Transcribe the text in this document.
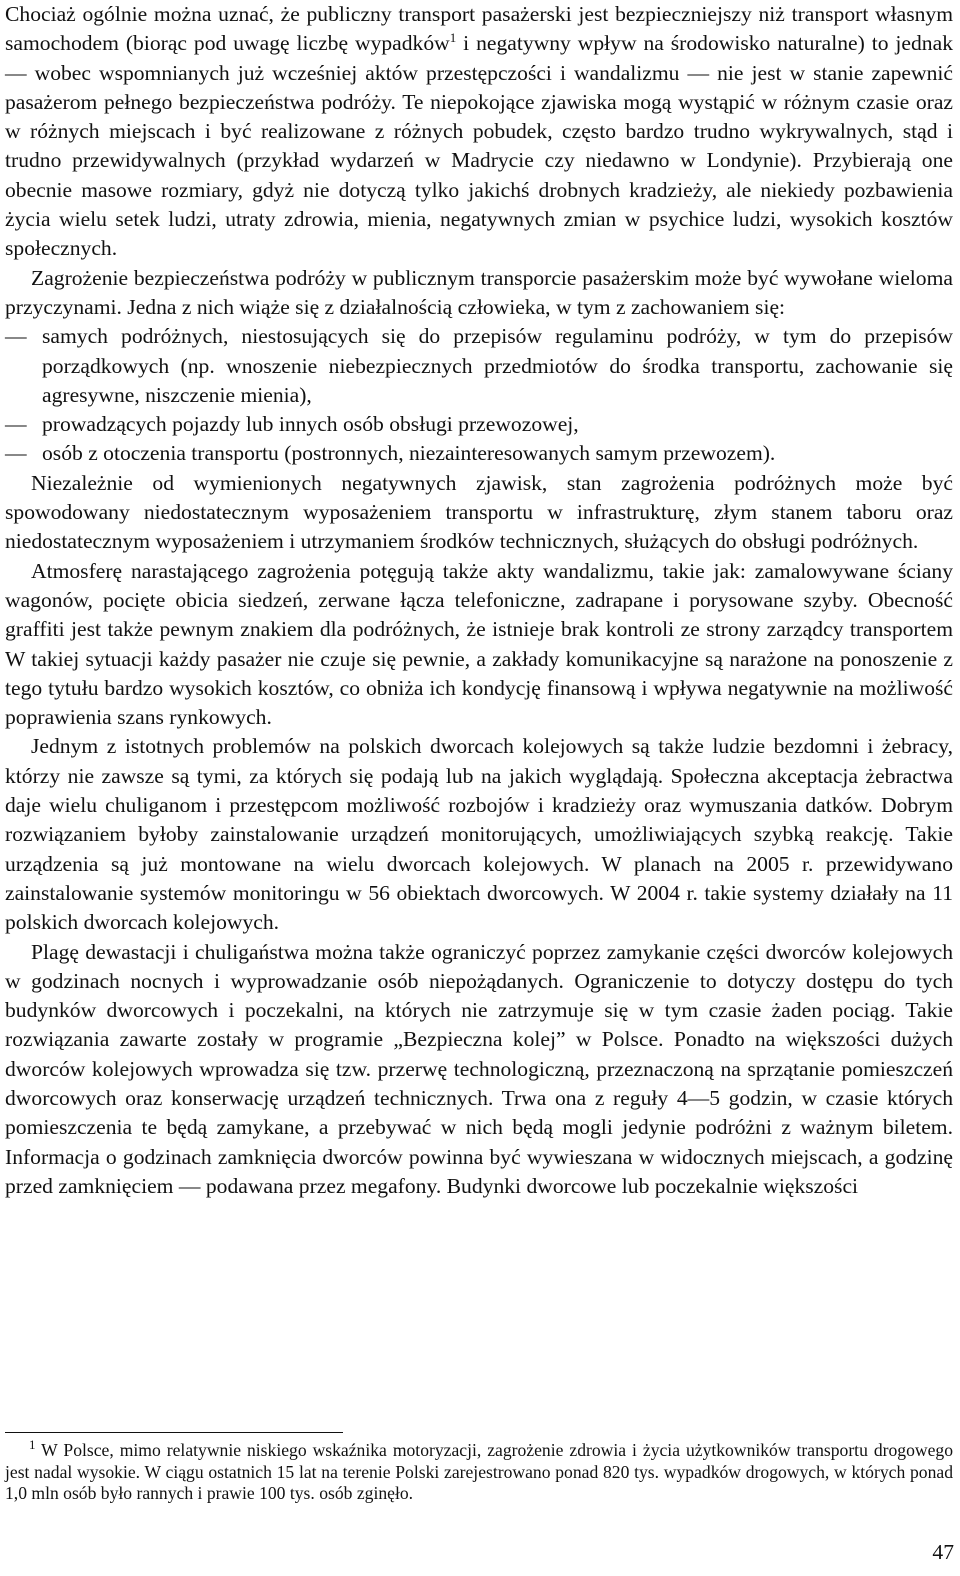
Chociaż ogólnie można uznać, że publiczny transport pasażerski jest bezpieczniejszy niż transport własnym samochodem (biorąc pod uwagę liczbę wypadków$^1$ i negatywny wpływ na środowisko naturalne) to jednak — wobec wspomnianych już wcześniej aktów przestępczości i wandalizmu — nie jest w stanie zapewnić pasażerom pełnego bezpieczeństwa podróży. Te niepokojące zjawiska mogą wystąpić w różnym czasie oraz w różnych miejscach i być realizowane z różnych pobudek, często bardzo trudno wykrywalnych, stąd i trudno przewidywalnych (przykład wydarzeń w Madrycie czy niedawno w Londynie). Przybierają one obecnie masowe rozmiary, gdyż nie dotyczą tylko jakichś drobnych kradzieży, ale niekiedy pozbawienia życia wielu setek ludzi, utraty zdrowia, mienia, negatywnych zmian w psychice ludzi, wysokich kosztów społecznych.

Zagrożenie bezpieczeństwa podróży w publicznym transporcie pasażerskim może być wywołane wieloma przyczynami. Jedna z nich wiąże się z działalnością człowieka, w tym z zachowaniem się:

— samych podróżnych, niestosujących się do przepisów regulaminu podróży, w tym do przepisów porządkowych (np. wnoszenie niebezpiecznych przedmiotów do środka transportu, zachowanie się agresywne, niszczenie mienia),
— prowadzących pojazdy lub innych osób obsługi przewozowej,
— osób z otoczenia transportu (postronnych, niezainteresowanych samym przewozem).

Niezależnie od wymienionych negatywnych zjawisk, stan zagrożenia podróżnych może być spowodowany niedostatecznym wyposażeniem transportu w infrastrukturę, złym stanem taboru oraz niedostatecznym wyposażeniem i utrzymaniem środków technicznych, służących do obsługi podróżnych.

Atmosferę narastającego zagrożenia potęgują także akty wandalizmu, takie jak: zamalowywane ściany wagonów, pocięte obicia siedzeń, zerwane łącza telefoniczne, zadrapane i porysowane szyby. Obecność graffiti jest także pewnym znakiem dla podróżnych, że istnieje brak kontroli ze strony zarządcy transportem W takiej sytuacji każdy pasażer nie czuje się pewnie, a zakłady komunikacyjne są narażone na ponoszenie z tego tytułu bardzo wysokich kosztów, co obniża ich kondycję finansową i wpływa negatywnie na możliwość poprawienia szans rynkowych.

Jednym z istotnych problemów na polskich dworcach kolejowych są także ludzie bezdomni i żebracy, którzy nie zawsze są tymi, za których się podają lub na jakich wyglądają. Społeczna akceptacja żebractwa daje wielu chuliganom i przestępcom możliwość rozbojów i kradzieży oraz wymuszania datków. Dobrym rozwiązaniem byłoby zainstalowanie urządzeń monitorujących, umożliwiających szybką reakcję. Takie urządzenia są już montowane na wielu dworcach kolejowych. W planach na 2005 r. przewidywano zainstalowanie systemów monitoringu w 56 obiektach dworcowych. W 2004 r. takie systemy działały na 11 polskich dworcach kolejowych.

Plagę dewastacji i chuligaństwa można także ograniczyć poprzez zamykanie części dworców kolejowych w godzinach nocnych i wyprowadzanie osób niepożądanych. Ograniczenie to dotyczy dostępu do tych budynków dworcowych i poczekalni, na których nie zatrzymuje się w tym czasie żaden pociąg. Takie rozwiązania zawarte zostały w programie „Bezpieczna kolej” w Polsce. Ponadto na większości dużych dworców kolejowych wprowadza się tzw. przerwę technologiczną, przeznaczoną na sprzątanie pomieszczeń dworcowych oraz konserwację urządzeń technicznych. Trwa ona z reguły 4—5 godzin, w czasie których pomieszczenia te będą zamykane, a przebywać w nich będą mogli jedynie podróżni z ważnym biletem. Informacja o godzinach zamknięcia dworców powinna być wywieszana w widocznych miejscach, a godzinę przed zamknięciem — podawana przez megafony. Budynki dworcowe lub poczekalnie większości

$^1$ W Polsce, mimo relatywnie niskiego wskaźnika motoryzacji, zagrożenie zdrowia i życia użytkowników transportu drogowego jest nadal wysokie. W ciągu ostatnich 15 lat na terenie Polski zarejestrowano ponad 820 tys. wypadków drogowych, w których ponad 1,0 mln osób było rannych i prawie 100 tys. osób zginęło.

47
